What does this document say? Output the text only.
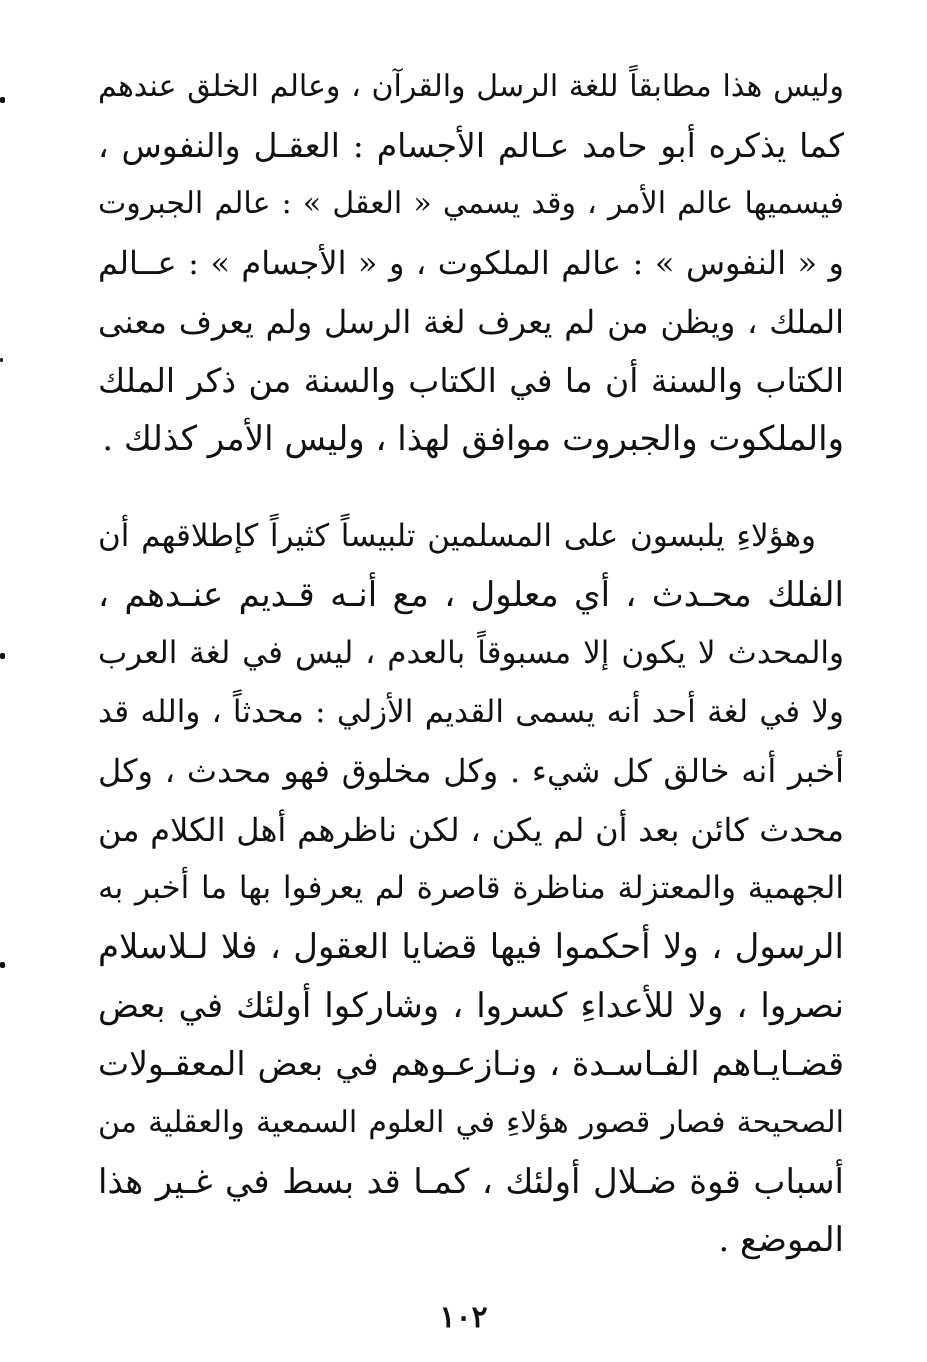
وليس هذا مطابقاً للغة الرسل والقرآن ، وعالم الخلق عندهم
كما يذكره أبو حامد عـالم الأجسام : العقـل والنفوس ،
فيسميها عالم الأمر ، وقد يسمي « العقل » : عالم الجبروت
و « النفوس » : عالم الملكوت ، و « الأجسام » : عــالم
الملك ، ويظن من لم يعرف لغة الرسل ولم يعرف معنى
الكتاب والسنة أن ما في الكتاب والسنة من ذكر الملك
والملكوت والجبروت موافق لهذا ، وليس الأمر كذلك .
وهؤلاءِ يلبسون على المسلمين تلبيساً كثيراً كإطلاقهم أن
الفلك محـدث ، أي معلول ، مع أنـه قـديم عنـدهم ،
والمحدث لا يكون إلا مسبوقاً بالعدم ، ليس في لغة العرب
ولا في لغة أحد أنه يسمى القديم الأزلي : محدثاً ، والله قد
أخبر أنه خالق كل شيء . وكل مخلوق فهو محدث ، وكل
محدث كائن بعد أن لم يكن ، لكن ناظرهم أهل الكلام من
الجهمية والمعتزلة مناظرة قاصرة لم يعرفوا بها ما أخبر به
الرسول ، ولا أحكموا فيها قضايا العقول ، فلا لـلاسلام
نصروا ، ولا للأعداءِ كسروا ، وشاركوا أولئك في بعض
قضـايـاهم الفـاسـدة ، ونـازعـوهم في بعض المعقـولات
الصحيحة فصار قصور هؤلاءِ في العلوم السمعية والعقلية من
أسباب قوة ضـلال أولئك ، كمـا قد بسط في غـير هذا
الموضع .
١٠٢
